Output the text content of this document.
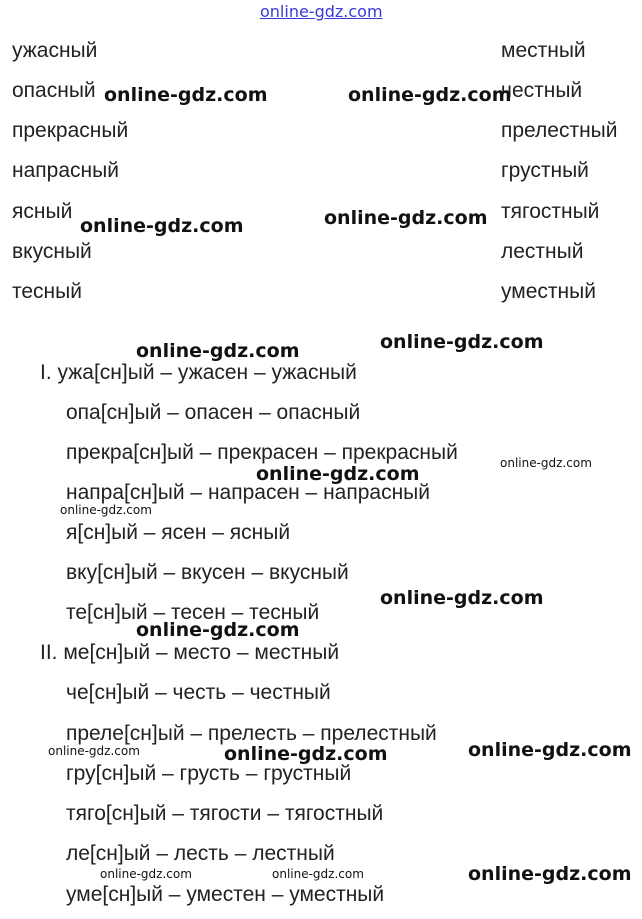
online-gdz.com
ужасный
опасный
прекрасный
напрасный
ясный
вкусный
тесный
местный
честный
прелестный
грустный
тягостный
лестный
уместный
I. ужа[сн]ый – ужасен – ужасный
опа[сн]ый – опасен – опасный
прекра[сн]ый – прекрасен – прекрасный
напра[сн]ый – напрасен – напрасный
я[сн]ый – ясен – ясный
вку[сн]ый – вкусен – вкусный
те[сн]ый – тесен – тесный
II. ме[сн]ый – место – местный
че[сн]ый – честь – честный
преле[сн]ый – прелесть – прелестный
гру[сн]ый – грусть – грустный
тяго[сн]ый – тягости – тягостный
ле[сн]ый – лесть – лестный
уме[сн]ый – уместен – уместный
online-gdz.com	online-gdz.com
online-gdz.com	online-gdz.com
online-gdz.com
online-gdz.com
online-gdz.com
online-gdz.com
online-gdz.com
online-gdz.com
online-gdz.com
online-gdz.com	online-gdz.com	online-gdz.com
online-gdz.com	online-gdz.com	online-gdz.com
